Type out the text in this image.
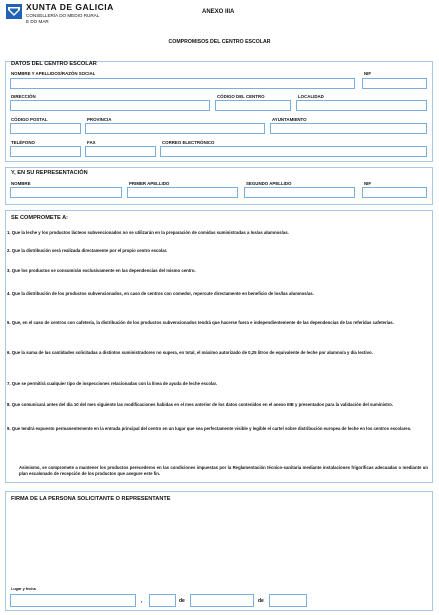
XUNTA DE GALICIA
CONSELLERÍA DO MEDIO RURAL
E DO MAR
ANEXO IIIA
COMPROMISOS DEL CENTRO ESCOLAR
DATOS DEL CENTRO ESCOLAR
NOMBRE Y APELLIDOS/RAZÓN SOCIAL	NIF
DIRECCIÓN	CÓDIGO DEL CENTRO	LOCALIDAD
CÓDIGO POSTAL	PROVINCIA	AYUNTAMIENTO
TELÉFONO	FAX	CORREO ELECTRÓNICO
Y, EN SU REPRESENTACIÓN
NOMBRE	PRIMER APELLIDO	SEGUNDO APELLIDO	NIF
SE COMPROMETE A:
1. Que la leche y los productos lácteos subvencionados no se utilizarán en la preparación de comidas suministradas a los/as alumnos/as.
2. Que la distribución será realizada directamente por el propio centro escolar.
3. Que los productos se consumirán exclusivamente en las dependencias del mismo centro.
4. Que la distribución de los productos subvencionados, en caso de centros con comedor, repercute directamente en beneficio de los/las alumnos/as.
5. Que, en el caso de centros con cafetería, la distribución de los productos subvencionados tendrá que hacerse fuera e independientemente de las dependencias de las referidas cafeterías.
6. Que la suma de las cantidades solicitadas a distintos suministradores no supera, en total, el máximo autorizado de 0,25 litros de equivalente de leche por alumno/a y día lectivo.
7. Que se permitirá cualquier tipo de inspecciones relacionadas con la línea de ayuda de leche escolar.
8. Que comunicará antes del día 10 del mes siguiente las modificaciones habidas en el mes anterior de los datos contenidos en el anexo IIIB y presentados para la validación del suministro.
9. Que tendrá expuesto permanentemente en la entrada principal del centro en un lugar que sea perfectamente visible y legible el cartel sobre distribución europea de leche en los centros escolares.
Asimismo, se compromete a mantener los productos perecederos en las condiciones impuestas por la Reglamentación técnico-sanitaria mediante instalaciones frigoríficas adecuadas o mediante un plan escalonado de recepción de los productos que asegure este fin.
FIRMA DE LA PERSONA SOLICITANTE O REPRESENTANTE
Lugar y fecha
,	de	de
